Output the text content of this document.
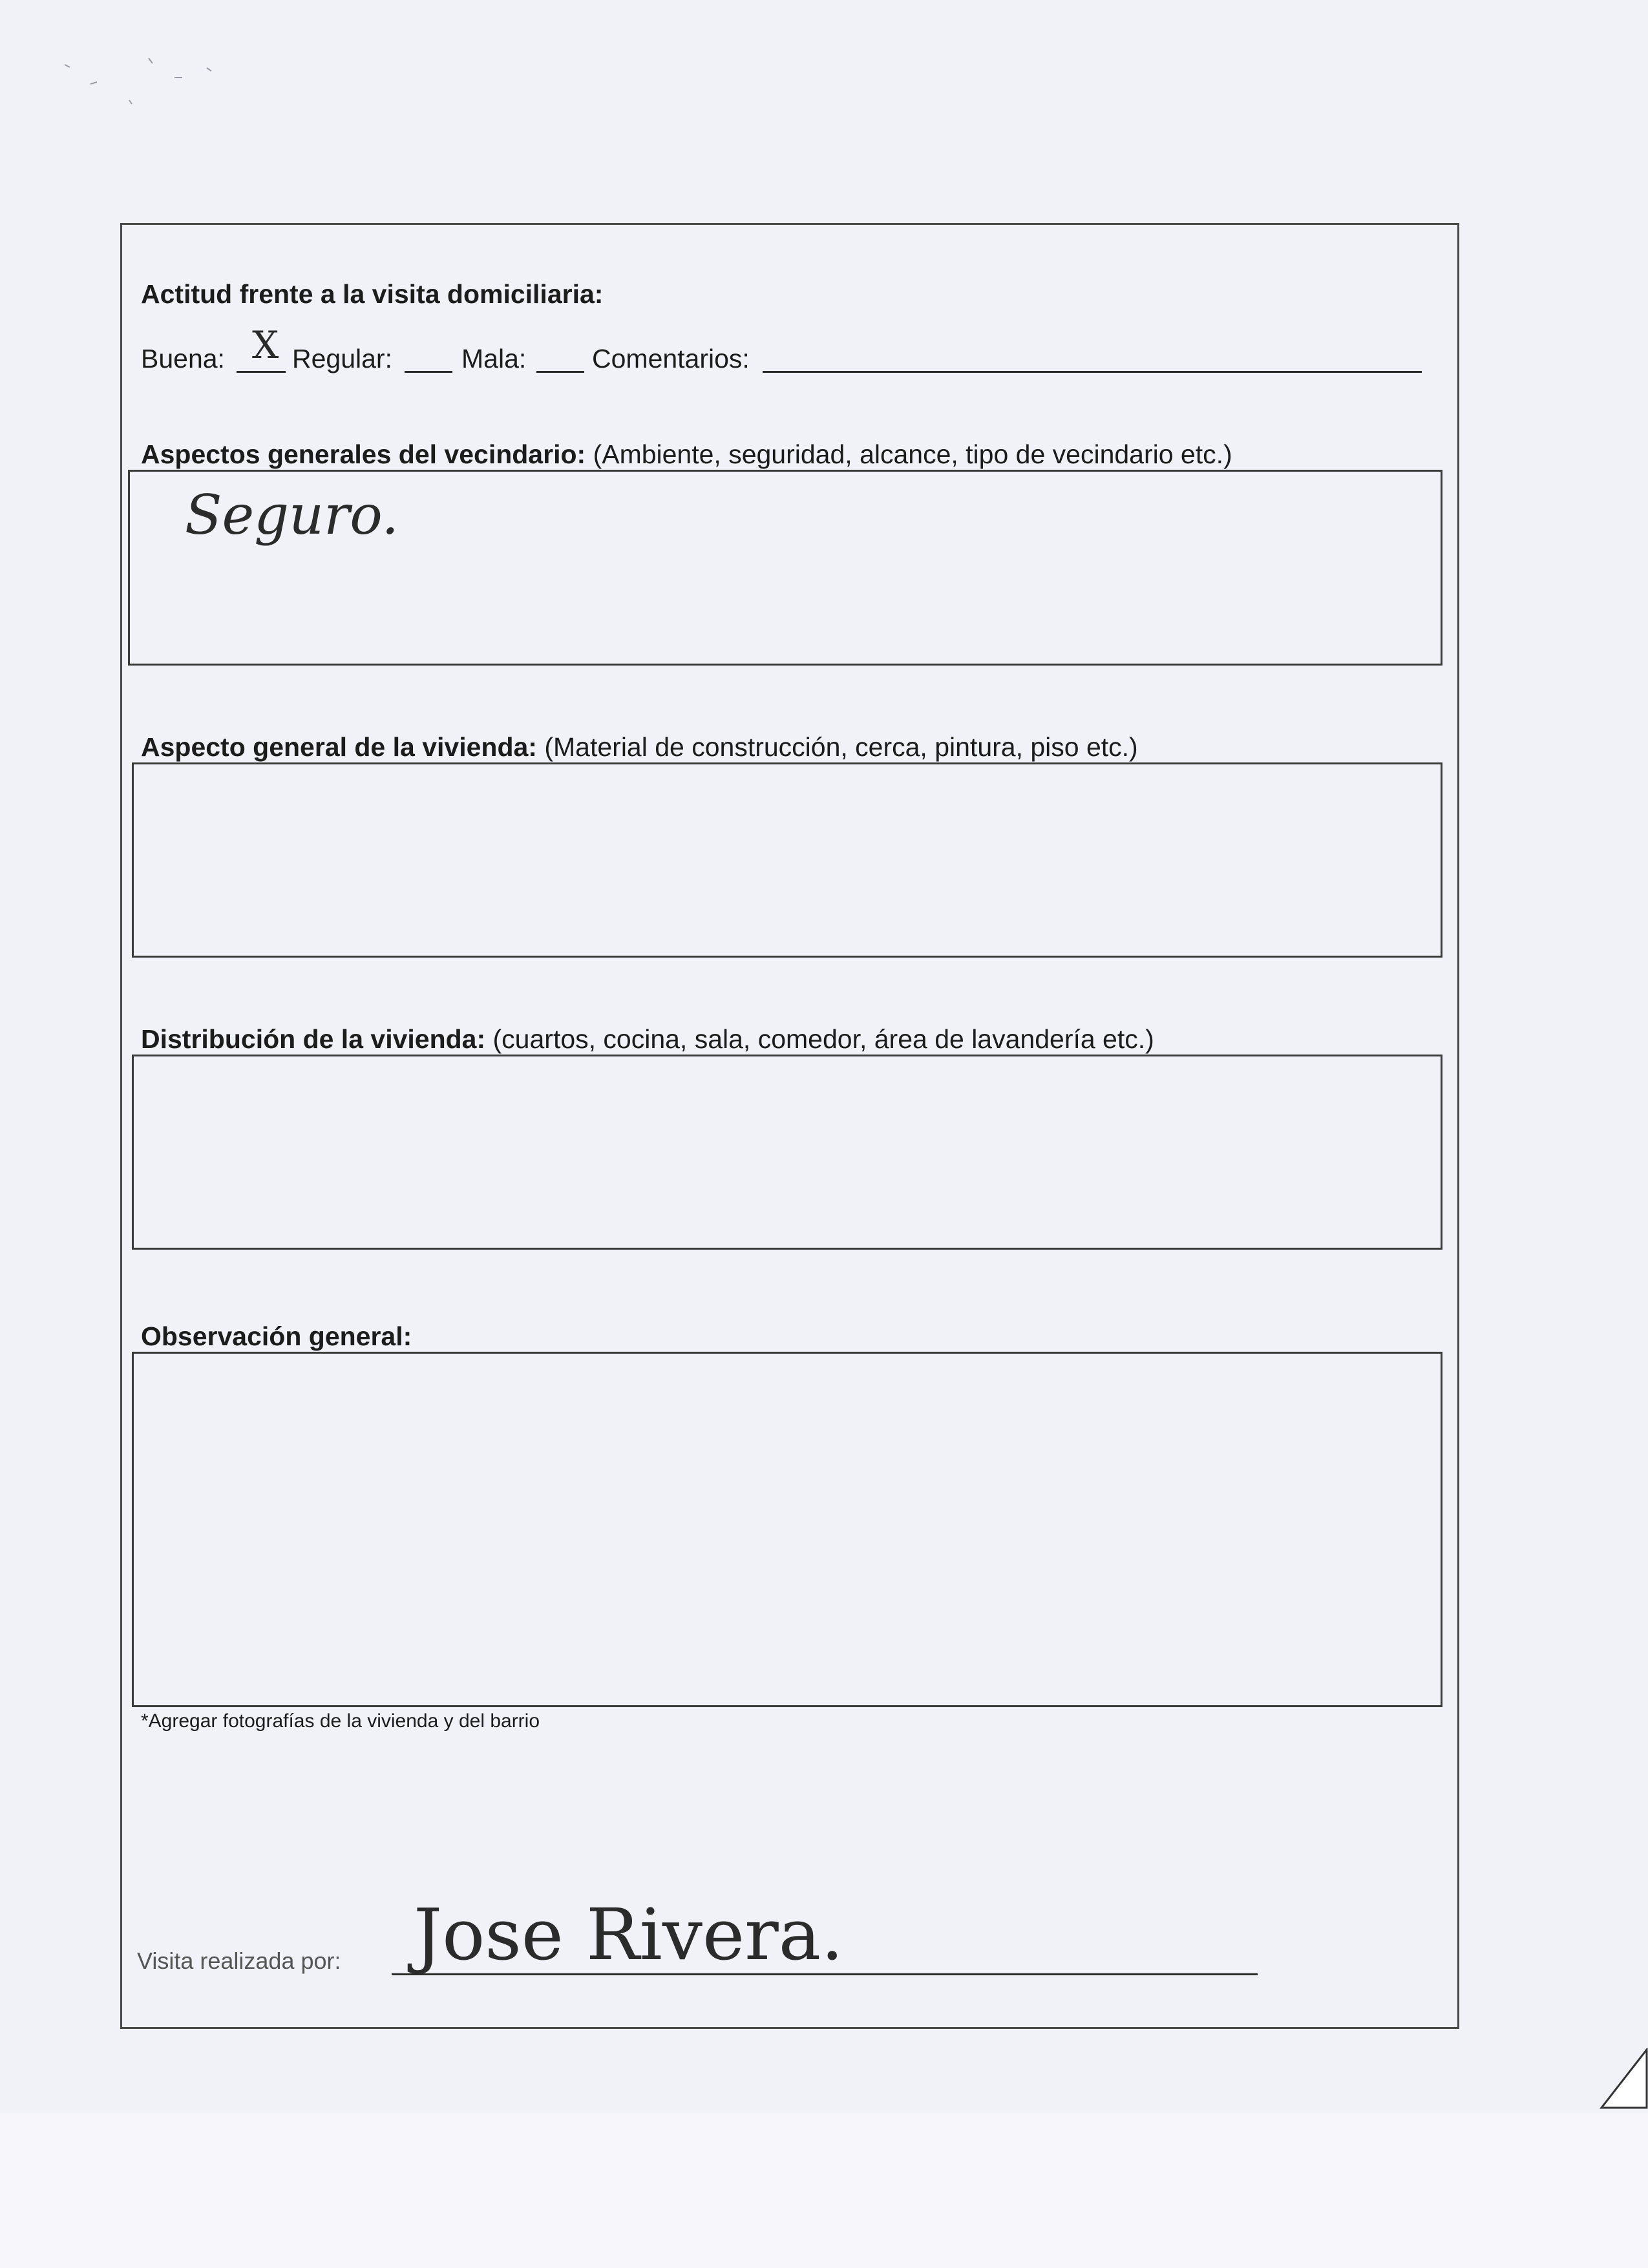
Actitud frente a la visita domiciliaria:
Buena: X Regular:	Mala: Comentarios:
Aspectos generales del vecindario: (Ambiente, seguridad, alcance, tipo de vecindario etc.)
Seguro.
Aspecto general de la vivienda: (Material de construcción, cerca, pintura, piso etc.)
Distribución de la vivienda: (cuartos, cocina, sala, comedor, área de lavandería etc.)
Observación general:
*Agregar fotografías de la vivienda y del barrio
Visita realizada por: Jose Rivera.
